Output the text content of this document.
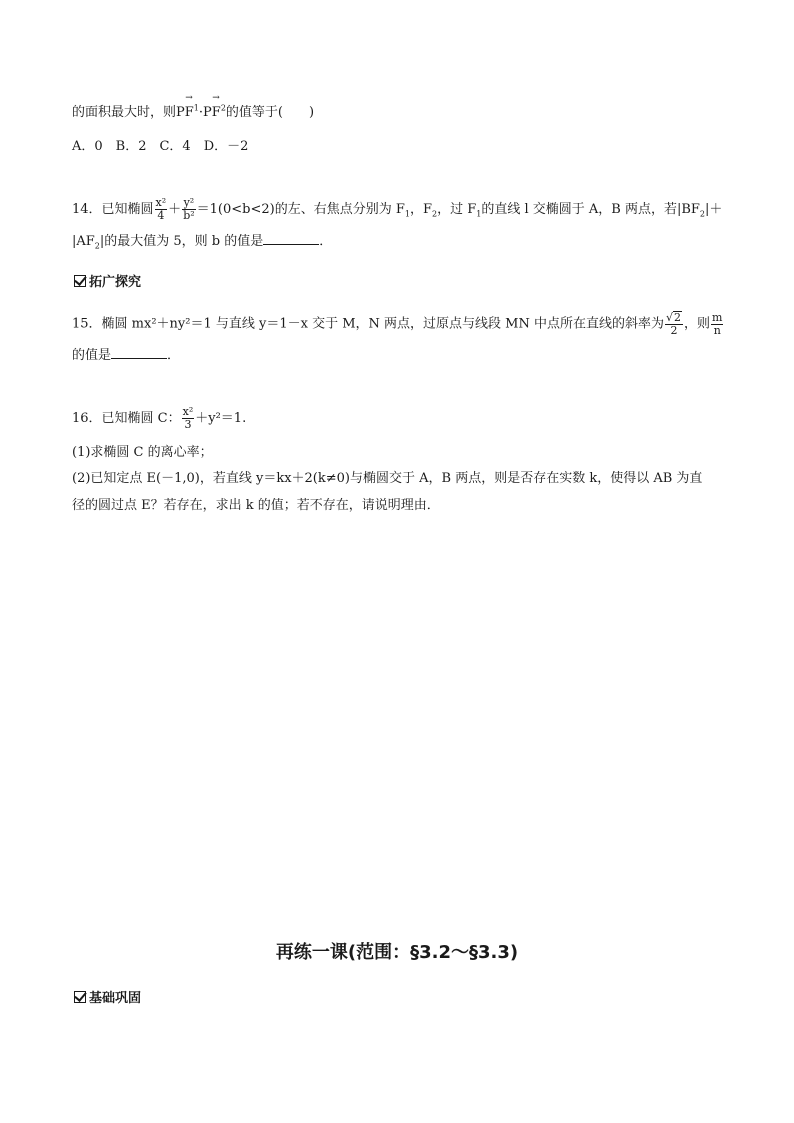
的面积最大时，则→ $PF^1\cdot\to PF^2$的值等于(　　)
A．0　B．2　C．4　D．－2
14．已知椭圆 $\frac{\text{x²}}{4} + \frac{\text{y²}}{\text{b²}} =1(0<b<2)$的左、右焦点分别为 $F_1$，$F_2$，过 $F_1$的直线 l 交椭圆于 A，B 两点，若$|BF_2|+$
$|AF_2|$的最大值为 5，则 b 的值是	．
拓广探究
15．椭圆 mx²＋ny²＝1 与直线 y＝1－x 交于 M，N 两点，过原点与线段 MN 中点所在直线的斜率为 $\frac{√2}{2}$ ，则 $\frac{m}{n}$
的值是	．
16．已知椭圆 C： $\frac{\text{x²}}{3} +y^2=1$.
(1)求椭圆 C 的离心率；
(2)已知定点 E(－1,0)，若直线 y＝kx＋2(k≠0)与椭圆交于 A，B 两点，则是否存在实数 k，使得以 AB 为直
径的圆过点 E？若存在，求出 k 的值；若不存在，请说明理由．
再练一课(范围：§3.2～§3.3)
基础巩固
